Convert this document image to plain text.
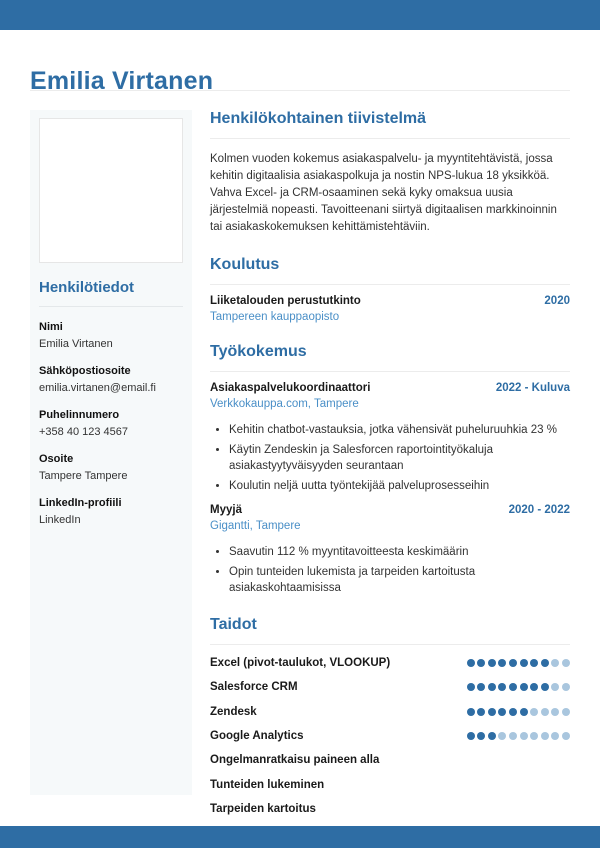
Emilia Virtanen
Henkilötiedot
Nimi
Emilia Virtanen
Sähköpostiosoite
emilia.virtanen@email.fi
Puhelinnumero
+358 40 123 4567
Osoite
Tampere Tampere
LinkedIn-profiili
LinkedIn
Henkilökohtainen tiivistelmä

Kolmen vuoden kokemus asiakaspalvelu- ja myyntitehtävistä, jossa kehitin digitaalisia asiakaspolkuja ja nostin NPS-lukua 18 yksikköä. Vahva Excel- ja CRM-osaaminen sekä kyky omaksua uusia järjestelmiä nopeasti. Tavoitteenani siirtyä digitaalisen markkinoinnin tai asiakaskokemuksen kehittämistehtäviin.

Koulutus
Liiketalouden perustutkinto	2020
Tampereen kauppaopisto
Työkokemus
Asiakaspalvelukoordinaattori	2022 - Kuluva
Verkkokauppa.com, Tampere
• Kehitin chatbot-vastauksia, jotka vähensivät puheluruuhkia 23 %
• Käytin Zendeskin ja Salesforcen raportointityökaluja asiakastyytyväisyyden seurantaan
• Koulutin neljä uutta työntekijää palveluprosesseihin
Myyjä	2020 - 2022
Gigantti, Tampere
• Saavutin 112 % myyntitavoitteesta keskimäärin
• Opin tunteiden lukemista ja tarpeiden kartoitusta asiakaskohtaamisissa
Taidot
Excel (pivot-taulukot, VLOOKUP)
Salesforce CRM
Zendesk
Google Analytics
Ongelmanratkaisu paineen alla
Tunteiden lukeminen
Tarpeiden kartoitus
